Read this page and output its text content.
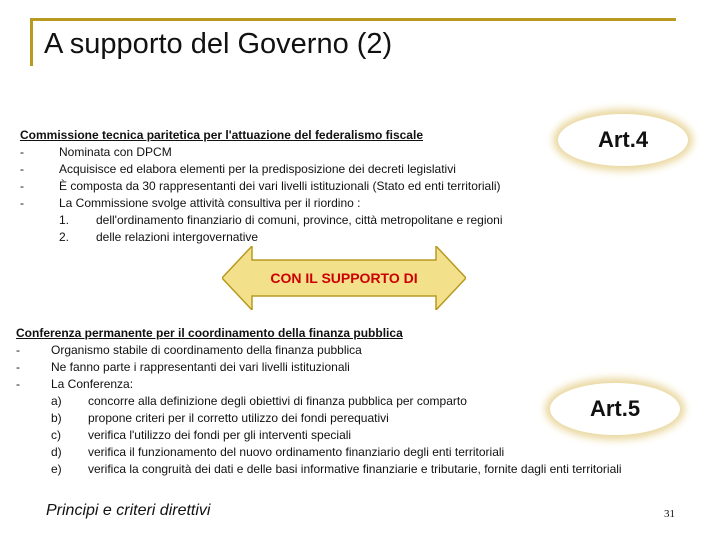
A supporto del Governo (2)
Commissione tecnica paritetica per l'attuazione del federalismo fiscale
-	Nominata con DPCM
-	Acquisisce ed elabora elementi per la predisposizione dei decreti legislativi
-	È composta da 30 rappresentanti dei vari livelli istituzionali (Stato ed enti territoriali)
-	La Commissione svolge attività consultiva per il riordino :
1. dell'ordinamento finanziario di comuni, province, città metropolitane e regioni
2. delle relazioni intergovernative
Art.4
CON IL SUPPORTO DI
Conferenza permanente per il coordinamento della finanza pubblica
-	Organismo stabile di coordinamento della finanza pubblica
-	Ne fanno parte i rappresentanti dei vari livelli istituzionali
-	La Conferenza:
a) concorre alla definizione degli obiettivi di finanza pubblica per comparto
b) propone criteri per il corretto utilizzo dei fondi perequativi
c) verifica l'utilizzo dei fondi per gli interventi speciali
d) verifica il funzionamento del nuovo ordinamento finanziario degli enti territoriali
e) verifica la congruità dei dati e delle basi informative finanziarie e tributarie, fornite dagli enti territoriali
Art.5
Principi e criteri direttivi	31
